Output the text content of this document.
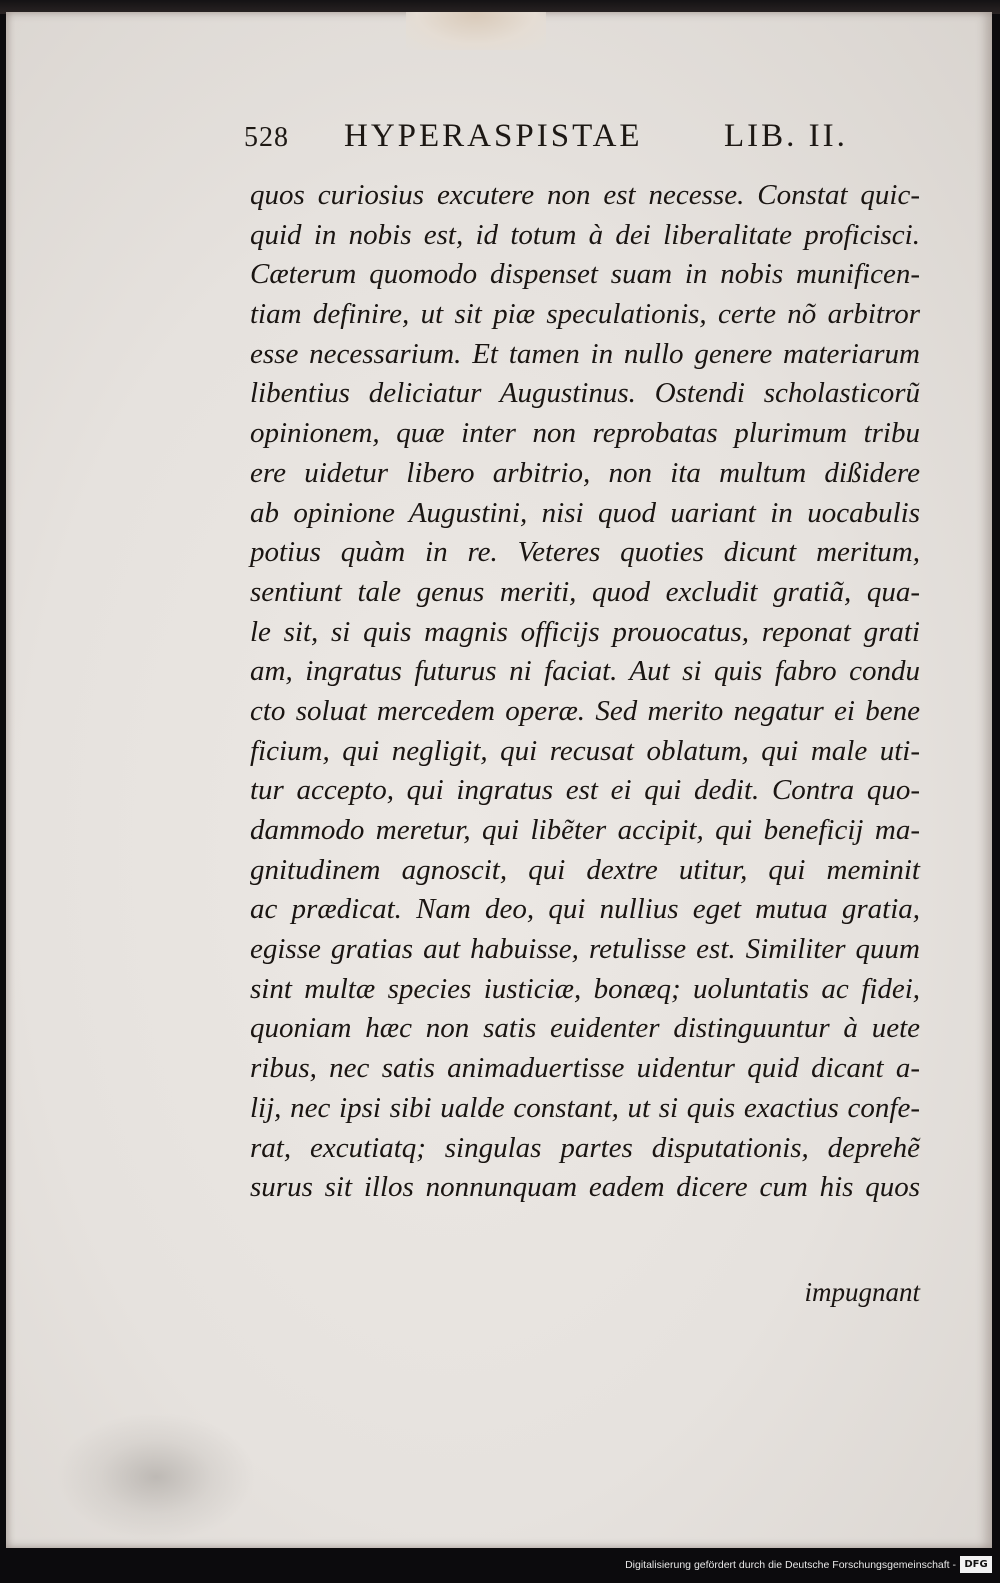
528	HYPERASPISTAE	LIB. II.
quos curiosius excutere non est necesse. Constat quic-
quid in nobis est, id totum à dei liberalitate proficisci.
Cæterum quomodo dispenset suam in nobis munificen-
tiam definire, ut sit piæ speculationis, certe nõ arbitror
esse necessarium. Et tamen in nullo genere materiarum
libentius deliciatur Augustinus. Ostendi scholasticorũ
opinionem, quæ inter non reprobatas plurimum tribu
ere uidetur libero arbitrio, non ita multum dißidere
ab opinione Augustini, nisi quod uariant in uocabulis
potius quàm in re. Veteres quoties dicunt meritum,
sentiunt tale genus meriti, quod excludit gratiã, qua-
le sit, si quis magnis officijs prouocatus, reponat grati
am, ingratus futurus ni faciat. Aut si quis fabro condu
cto soluat mercedem operæ. Sed merito negatur ei bene
ficium, qui negligit, qui recusat oblatum, qui male uti-
tur accepto, qui ingratus est ei qui dedit. Contra quo-
dammodo meretur, qui libẽter accipit, qui beneficij ma-
gnitudinem agnoscit, qui dextre utitur, qui meminit
ac prædicat. Nam deo, qui nullius eget mutua gratia,
egisse gratias aut habuisse, retulisse est. Similiter quum
sint multæ species iusticiæ, bonæq; uoluntatis ac fidei,
quoniam hæc non satis euidenter distinguuntur à uete
ribus, nec satis animaduertisse uidentur quid dicant a-
lij, nec ipsi sibi ualde constant, ut si quis exactius confe-
rat, excutiatq; singulas partes disputationis, deprehẽ
surus sit illos nonnunquam eadem dicere cum his quos
impugnant
Digitalisierung gefördert durch die Deutsche Forschungsgemeinschaft - DFG
